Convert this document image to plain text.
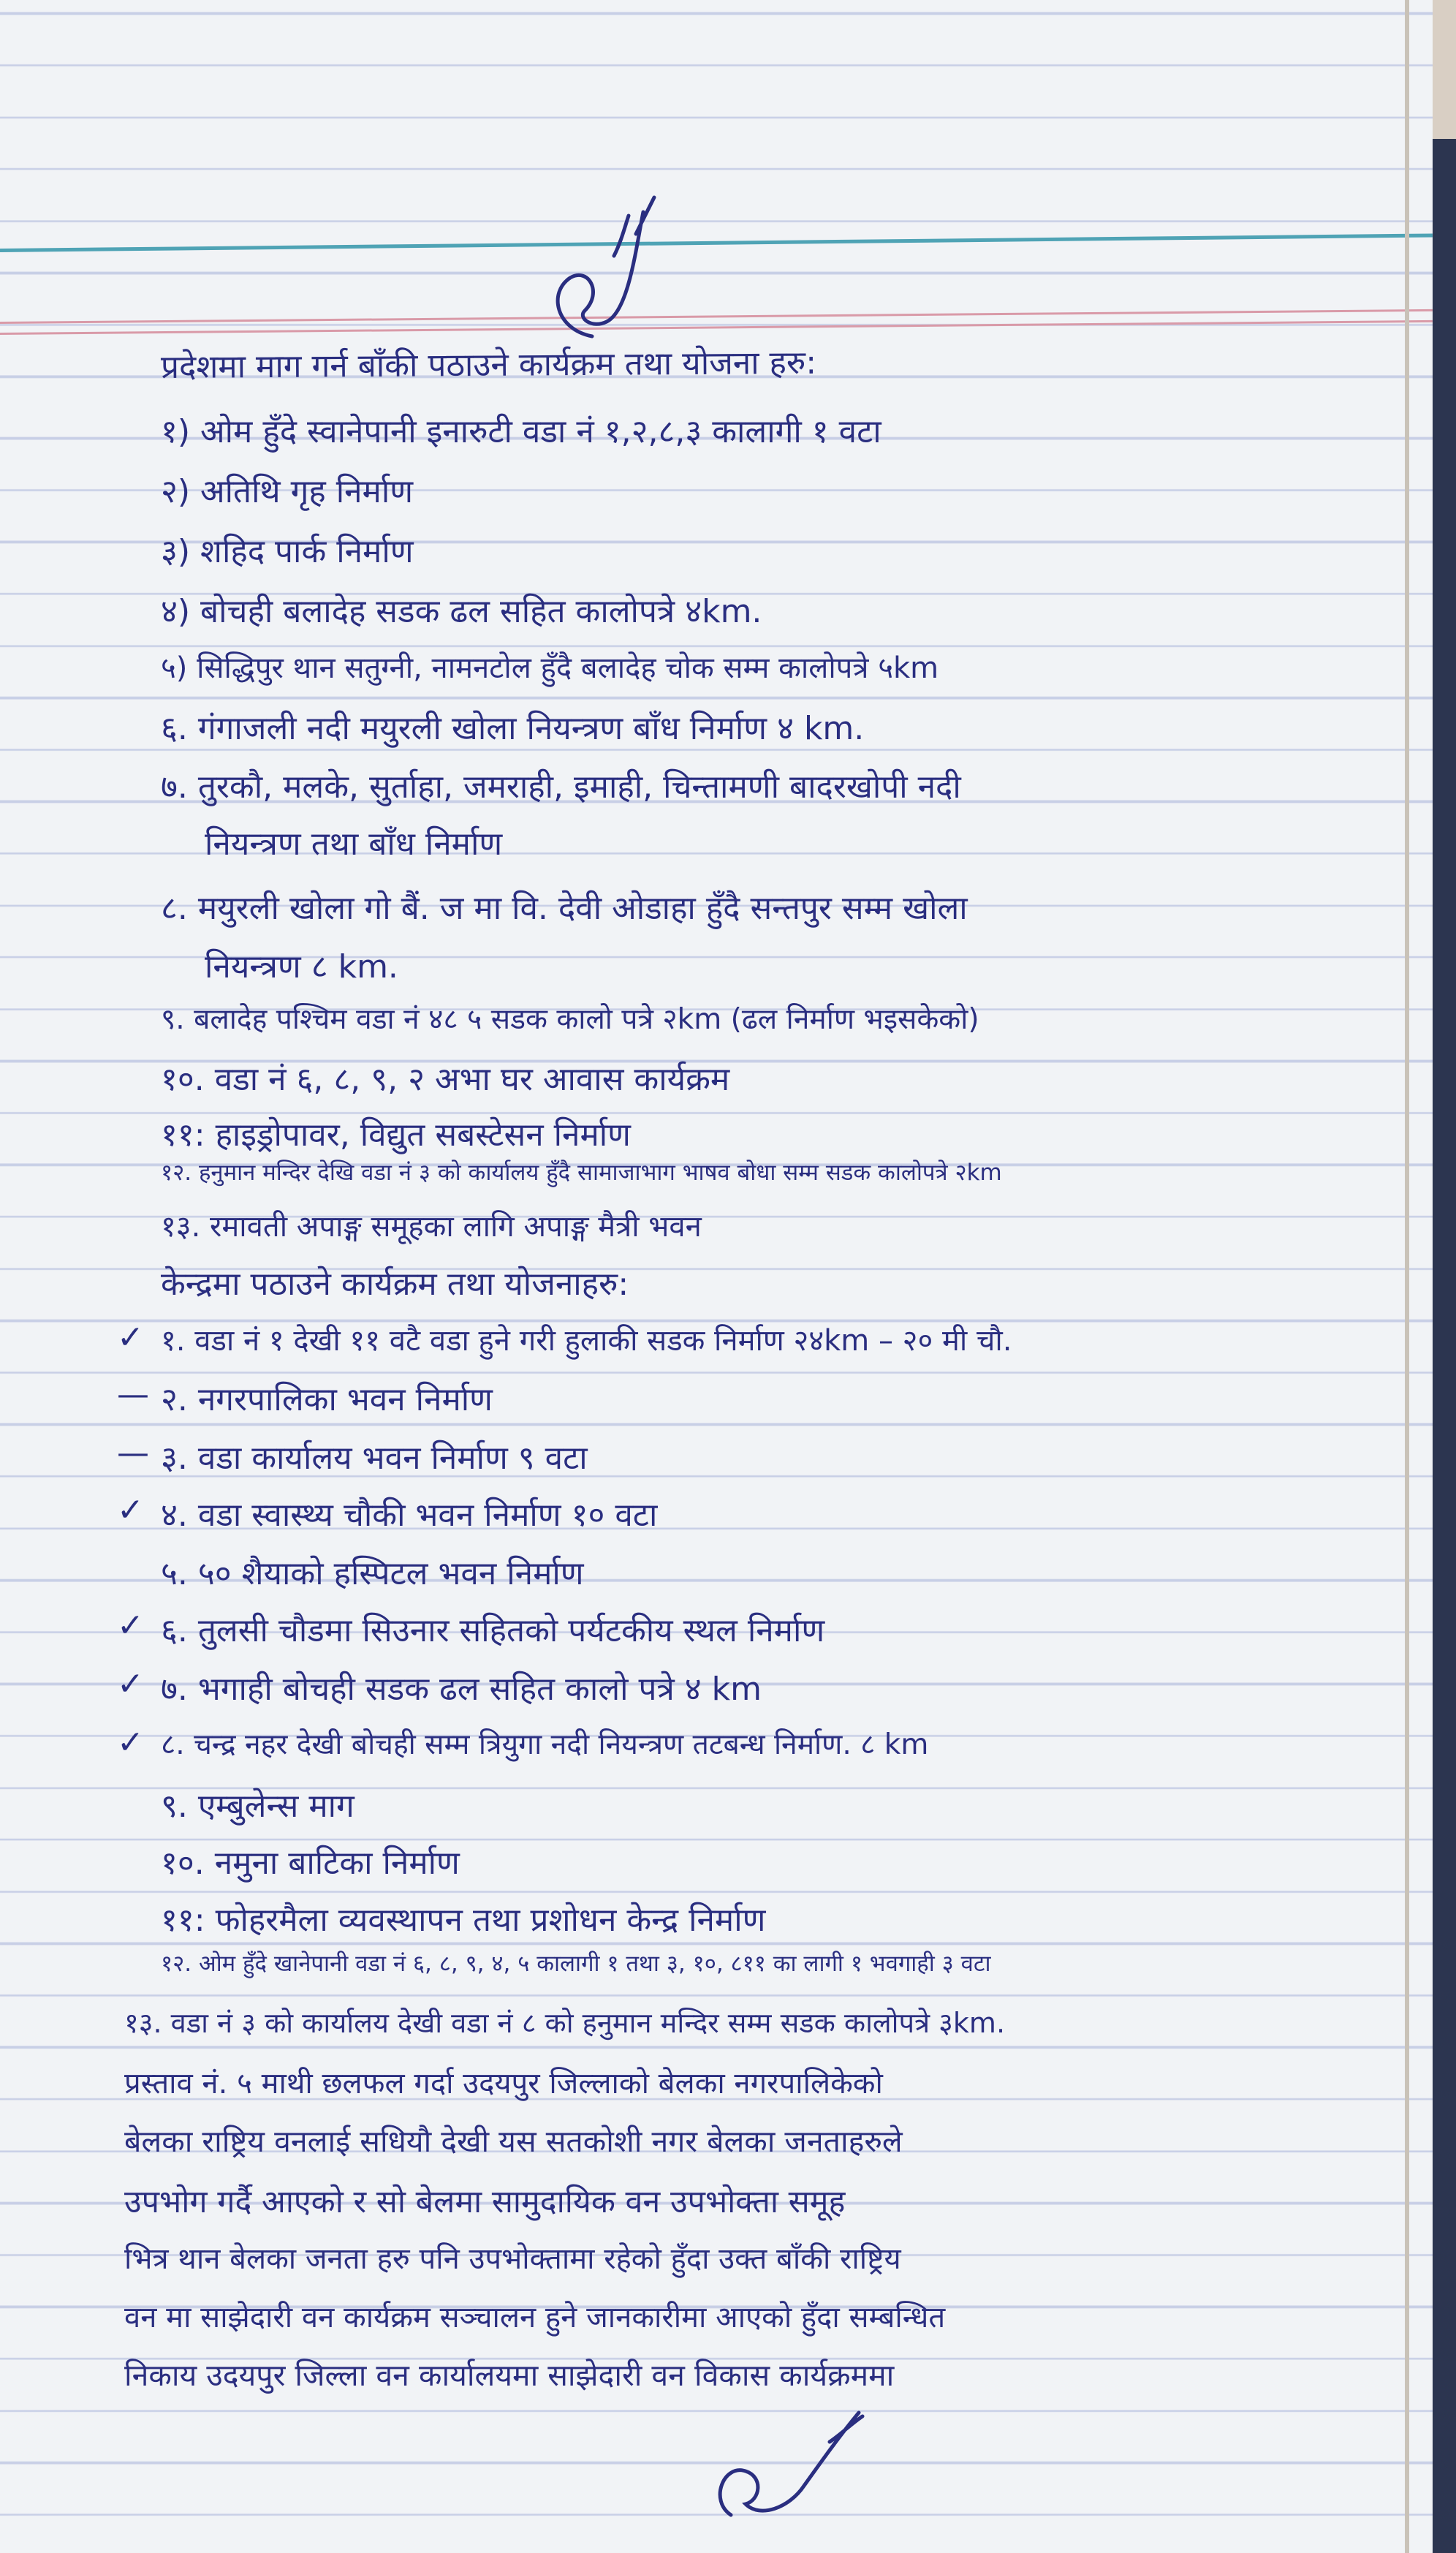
प्रदेशमा माग गर्न बाँकी पठाउने कार्यक्रम तथा योजना हरु:
१) ओम हुँदे स्वानेपानी इनारुटी वडा नं १,२,८,३ कालागी १ वटा
२) अतिथि गृह निर्माण
३) शहिद पार्क निर्माण
४) बोचही बलादेह सडक ढल सहित कालोपत्रे ४km.
५) सिद्धिपुर थान सतुग्नी, नामनटोल हुँदै बलादेह चोक सम्म कालोपत्रे ५km
६. गंगाजली नदी मयुरली खोला नियन्त्रण बाँध निर्माण ४ km.
७. तुरकौ, मलके, सुर्ताहा, जमराही, इमाही, चिन्तामणी बादरखोपी नदी
नियन्त्रण तथा बाँध निर्माण
८. मयुरली खोला गो बैं. ज मा वि. देवी ओडाहा हुँदै सन्तपुर सम्म खोला
नियन्त्रण ८ km.
९. बलादेह पश्चिम वडा नं ४८ ५ सडक कालो पत्रे २km (ढल निर्माण भइसकेको)
१०. वडा नं ६, ८, ९, २ अभा घर आवास कार्यक्रम
११: हाइड्रोपावर, विद्युत सबस्टेसन निर्माण
१२. हनुमान मन्दिर देखि वडा नं ३ को कार्यालय हुँदै सामाजाभाग भाषव बोधा सम्म सडक कालोपत्रे २km
१३. रमावती अपाङ्ग समूहका लागि अपाङ्ग मैत्री भवन
केन्द्रमा पठाउने कार्यक्रम तथा योजनाहरु:
✓ १. वडा नं १ देखी ११ वटै वडा हुने गरी हुलाकी सडक निर्माण २४km – २० मी चौ.
— २. नगरपालिका भवन निर्माण
— ३. वडा कार्यालय भवन निर्माण ९ वटा
✓ ४. वडा स्वास्थ्य चौकी भवन निर्माण १० वटा
५. ५० शैयाको हस्पिटल भवन निर्माण
✓ ६. तुलसी चौडमा सिउनार सहितको पर्यटकीय स्थल निर्माण
✓ ७. भगाही बोचही सडक ढल सहित कालो पत्रे ४ km
✓ ८. चन्द्र नहर देखी बोचही सम्म त्रियुगा नदी नियन्त्रण तटबन्ध निर्माण. ८ km
९. एम्बुलेन्स माग
१०. नमुना बाटिका निर्माण
११: फोहरमैला व्यवस्थापन तथा प्रशोधन केन्द्र निर्माण
१२. ओम हुँदे खानेपानी वडा नं ६, ८, ९, ४, ५ कालागी १ तथा ३, १०, ८११ का लागी १ भवगाही ३ वटा
१३. वडा नं ३ को कार्यालय देखी वडा नं ८ को हनुमान मन्दिर सम्म सडक कालोपत्रे ३km.
प्रस्ताव नं. ५ माथी छलफल गर्दा उदयपुर जिल्लाको बेलका नगरपालिकेको
बेलका राष्ट्रिय वनलाई सधियौ देखी यस सतकोशी नगर बेलका जनताहरुले
उपभोग गर्दै आएको र सो बेलमा सामुदायिक वन उपभोक्ता समूह
भित्र थान बेलका जनता हरु पनि उपभोक्तामा रहेको हुँदा उक्त बाँकी राष्ट्रिय
वन मा साझेदारी वन कार्यक्रम सञ्चालन हुने जानकारीमा आएको हुँदा सम्बन्धित
निकाय उदयपुर जिल्ला वन कार्यालयमा साझेदारी वन विकास कार्यक्रममा
